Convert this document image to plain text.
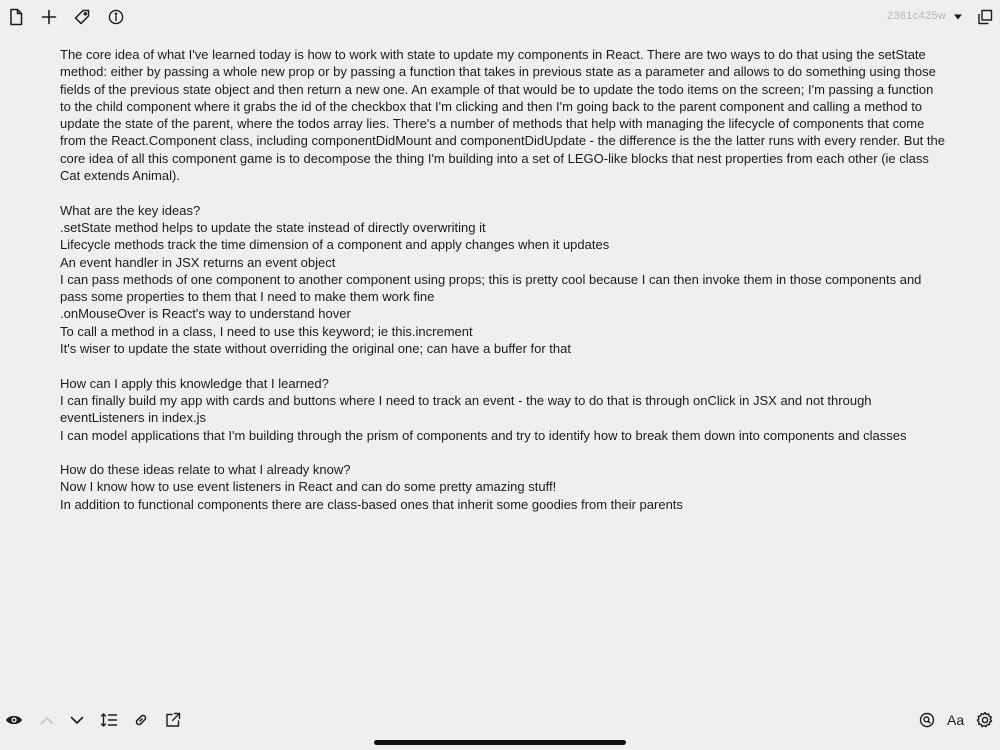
2361c425w

The core idea of what I've learned today is how to work with state to update my components in React. There are two ways to do that using the setState method: either by passing a whole new prop or by passing a function that takes in previous state as a parameter and allows to do something using those fields of the previous state object and then return a new one. An example of that would be to update the todo items on the screen; I'm passing a function to the child component where it grabs the id of the checkbox that I'm clicking and then I'm going back to the parent component and calling a method to update the state of the parent, where the todos array lies. There's a number of methods that help with managing the lifecycle of components that come from the React.Component class, including componentDidMount and componentDidUpdate - the difference is the the latter runs with every render. But the core idea of all this component game is to decompose the thing I'm building into a set of LEGO-like blocks that nest properties from each other (ie class Cat extends Animal).

What are the key ideas?

.setState method helps to update the state instead of directly overwriting it

Lifecycle methods track the time dimension of a component and apply changes when it updates

An event handler in JSX returns an event object

I can pass methods of one component to another component using props; this is pretty cool because I can then invoke them in those components and pass some properties to them that I need to make them work fine

.onMouseOver is React's way to understand hover

To call a method in a class, I need to use this keyword; ie this.increment

It's wiser to update the state without overriding the original one; can have a buffer for that

How can I apply this knowledge that I learned?

I can finally build my app with cards and buttons where I need to track an event - the way to do that is through onClick in JSX and not through eventListeners in index.js

I can model applications that I'm building through the prism of components and try to identify how to break them down into components and classes

How do these ideas relate to what I already know?

Now I know how to use event listeners in React and can do some pretty amazing stuff!

In addition to functional components there are class-based ones that inherit some goodies from their parents

Aa
